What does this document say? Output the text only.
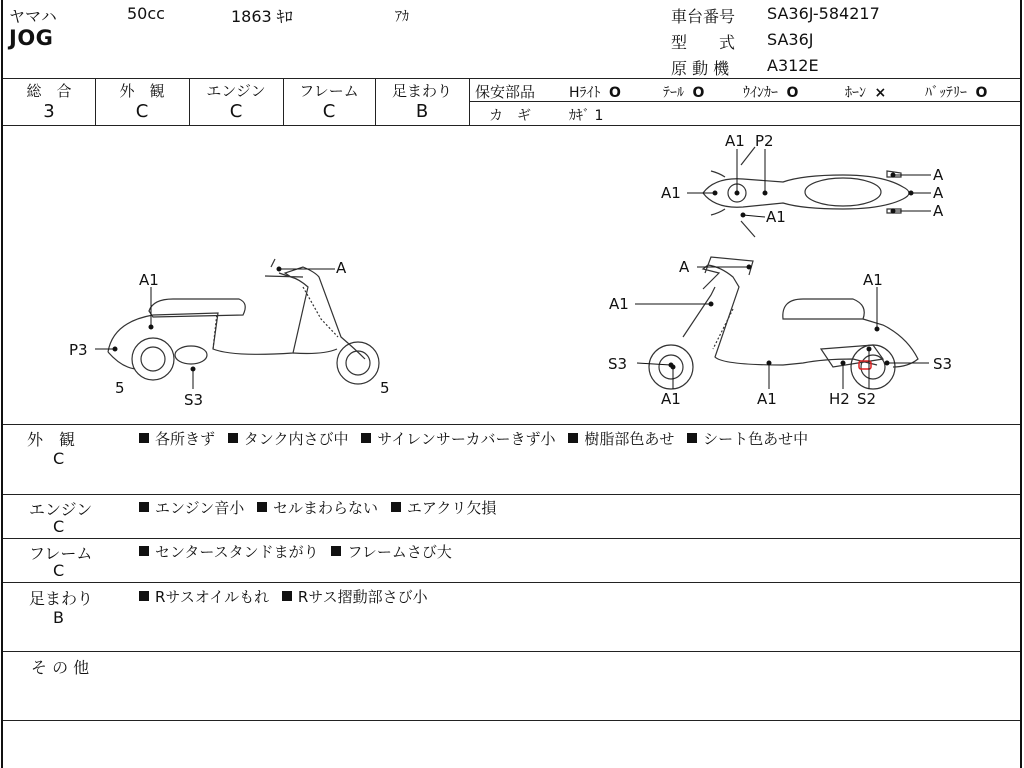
ヤマハ	50cc	1863 ｷﾛ	ｱｶ
JOG
車台番号 SA36J-584217
型　　式 SA36J
原 動 機 A312E
総　合
3
外　観
C
エンジン
C
フレーム
C
足まわり
B
保安部品 Hﾗｲﾄ O	ﾃｰﾙ O	ｳｲﾝｶｰ O	ﾎｰﾝ ×	ﾊﾞｯﾃﾘｰ O
カ　ギ	ｶｷﾞ 1
A1
A
P3
5
S3
5
A1 P2
A1
A1
A
A
A
A
A1
A1
S3	S3
A1	A1	H2 S2
外　観
C
各所きず タンク内さび中 サイレンサーカバーきず小 樹脂部色あせ シート色あせ中
エンジン
C
エンジン音小 セルまわらない エアクリ欠損
フレーム
C
センタースタンドまがり フレームさび大
足まわり
B
Rサスオイルもれ Rサス摺動部さび小
そ の 他
